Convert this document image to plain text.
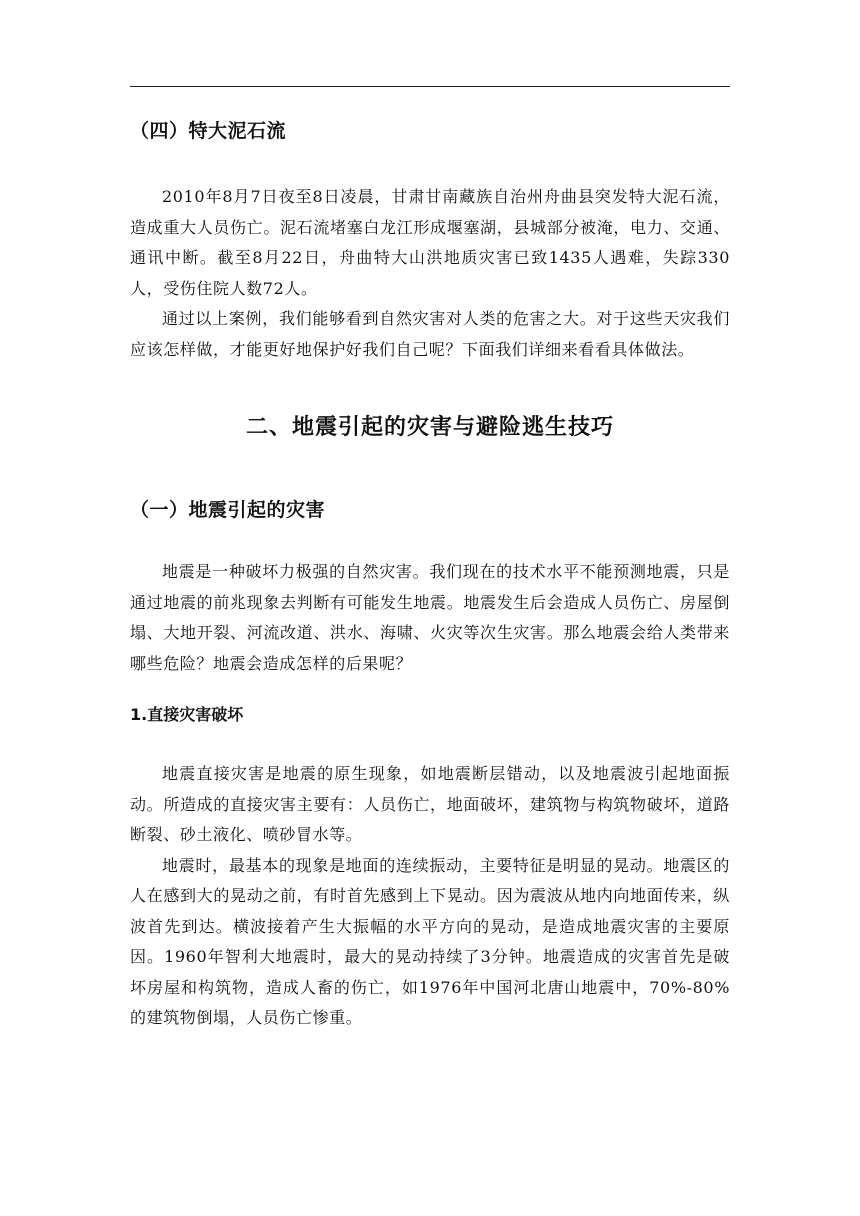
（四）特大泥石流

2010年8月7日夜至8日凌晨，甘肃甘南藏族自治州舟曲县突发特大泥石流，造成重大人员伤亡。泥石流堵塞白龙江形成堰塞湖，县城部分被淹，电力、交通、通讯中断。截至8月22日，舟曲特大山洪地质灾害已致1435人遇难，失踪330人，受伤住院人数72人。

通过以上案例，我们能够看到自然灾害对人类的危害之大。对于这些天灾我们应该怎样做，才能更好地保护好我们自己呢？下面我们详细来看看具体做法。

二、地震引起的灾害与避险逃生技巧
（一）地震引起的灾害

地震是一种破坏力极强的自然灾害。我们现在的技术水平不能预测地震，只是通过地震的前兆现象去判断有可能发生地震。地震发生后会造成人员伤亡、房屋倒塌、大地开裂、河流改道、洪水、海啸、火灾等次生灾害。那么地震会给人类带来哪些危险？地震会造成怎样的后果呢？

1.直接灾害破坏

地震直接灾害是地震的原生现象，如地震断层错动，以及地震波引起地面振动。所造成的直接灾害主要有：人员伤亡，地面破坏，建筑物与构筑物破坏，道路断裂、砂土液化、喷砂冒水等。

地震时，最基本的现象是地面的连续振动，主要特征是明显的晃动。地震区的人在感到大的晃动之前，有时首先感到上下晃动。因为震波从地内向地面传来，纵波首先到达。横波接着产生大振幅的水平方向的晃动，是造成地震灾害的主要原因。1960年智利大地震时，最大的晃动持续了3分钟。地震造成的灾害首先是破坏房屋和构筑物，造成人畜的伤亡，如1976年中国河北唐山地震中，70%-80%的建筑物倒塌，人员伤亡惨重。
